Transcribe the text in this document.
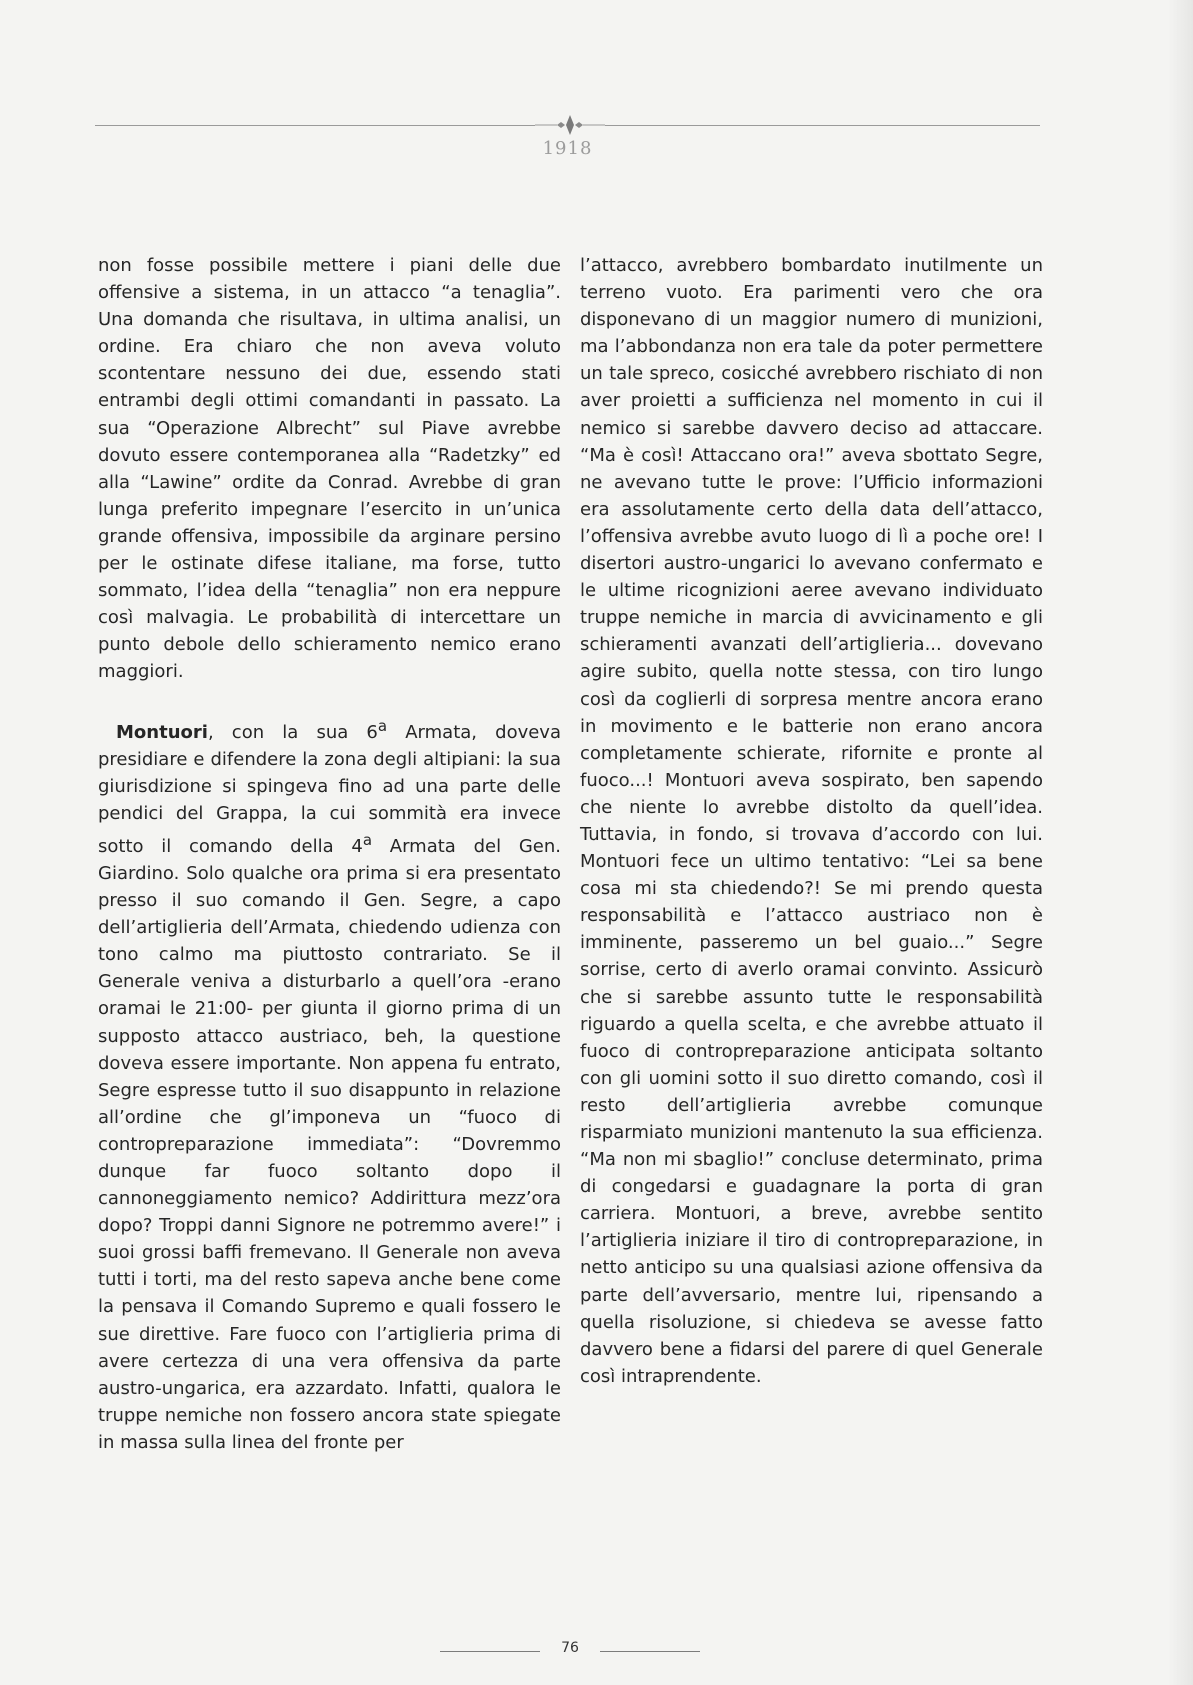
1918

non fosse possibile mettere i piani delle due offensive a sistema, in un attacco “a tenaglia”. Una domanda che risultava, in ultima analisi, un ordine. Era chiaro che non aveva voluto scontentare nessuno dei due, essendo stati entrambi degli ottimi comandanti in passato. La sua “Operazione Albrecht” sul Piave avrebbe dovuto essere contemporanea alla “Radetzky” ed alla “Lawine” ordite da Conrad. Avrebbe di gran lunga preferito impegnare l’esercito in un’unica grande offensiva, impossibile da arginare persino per le ostinate difese italiane, ma forse, tutto sommato, l’idea della “tenaglia” non era neppure così malvagia. Le probabilità di intercettare un punto debole dello schieramento nemico erano maggiori.

Montuori, con la sua 6$^a$ Armata, doveva presidiare e difendere la zona degli altipiani: la sua giurisdizione si spingeva fino ad una parte delle pendici del Grappa, la cui sommità era invece sotto il comando della 4$^a$ Armata del Gen. Giardino. Solo qualche ora prima si era presentato presso il suo comando il Gen. Segre, a capo dell’artiglieria dell’Armata, chiedendo udienza con tono calmo ma piuttosto contrariato. Se il Generale veniva a disturbarlo a quell’ora -erano oramai le 21:00- per giunta il giorno prima di un supposto attacco austriaco, beh, la questione doveva essere importante. Non appena fu entrato, Segre espresse tutto il suo disappunto in relazione all’ordine che gl’imponeva un “fuoco di contropreparazione immediata”: “Dovremmo dunque far fuoco soltanto dopo il cannoneggiamento nemico? Addirittura mezz’ora dopo? Troppi danni Signore ne potremmo avere!” i suoi grossi baffi fremevano. Il Generale non aveva tutti i torti, ma del resto sapeva anche bene come la pensava il Comando Supremo e quali fossero le sue direttive. Fare fuoco con l’artiglieria prima di avere certezza di una vera offensiva da parte austro-ungarica, era azzardato. Infatti, qualora le truppe nemiche non fossero ancora state spiegate in massa sulla linea del fronte per

l’attacco, avrebbero bombardato inutilmente un terreno vuoto. Era parimenti vero che ora disponevano di un maggior numero di munizioni, ma l’abbondanza non era tale da poter permettere un tale spreco, cosicché avrebbero rischiato di non aver proietti a sufficienza nel momento in cui il nemico si sarebbe davvero deciso ad attaccare. “Ma è così! Attaccano ora!” aveva sbottato Segre, ne avevano tutte le prove: l’Ufficio informazioni era assolutamente certo della data dell’attacco, l’offensiva avrebbe avuto luogo di lì a poche ore! I disertori austro-ungarici lo avevano confermato e le ultime ricognizioni aeree avevano individuato truppe nemiche in marcia di avvicinamento e gli schieramenti avanzati dell’artiglieria... dovevano agire subito, quella notte stessa, con tiro lungo così da coglierli di sorpresa mentre ancora erano in movimento e le batterie non erano ancora completamente schierate, rifornite e pronte al fuoco...! Montuori aveva sospirato, ben sapendo che niente lo avrebbe distolto da quell’idea. Tuttavia, in fondo, si trovava d’accordo con lui. Montuori fece un ultimo tentativo: “Lei sa bene cosa mi sta chiedendo?! Se mi prendo questa responsabilità e l’attacco austriaco non è imminente, passeremo un bel guaio...” Segre sorrise, certo di averlo oramai convinto. Assicurò che si sarebbe assunto tutte le responsabilità riguardo a quella scelta, e che avrebbe attuato il fuoco di contropreparazione anticipata soltanto con gli uomini sotto il suo diretto comando, così il resto dell’artiglieria avrebbe comunque risparmiato munizioni mantenuto la sua efficienza. “Ma non mi sbaglio!” concluse determinato, prima di congedarsi e guadagnare la porta di gran carriera. Montuori, a breve, avrebbe sentito l’artiglieria iniziare il tiro di contropreparazione, in netto anticipo su una qualsiasi azione offensiva da parte dell’avversario, mentre lui, ripensando a quella risoluzione, si chiedeva se avesse fatto davvero bene a fidarsi del parere di quel Generale così intraprendente.

76
